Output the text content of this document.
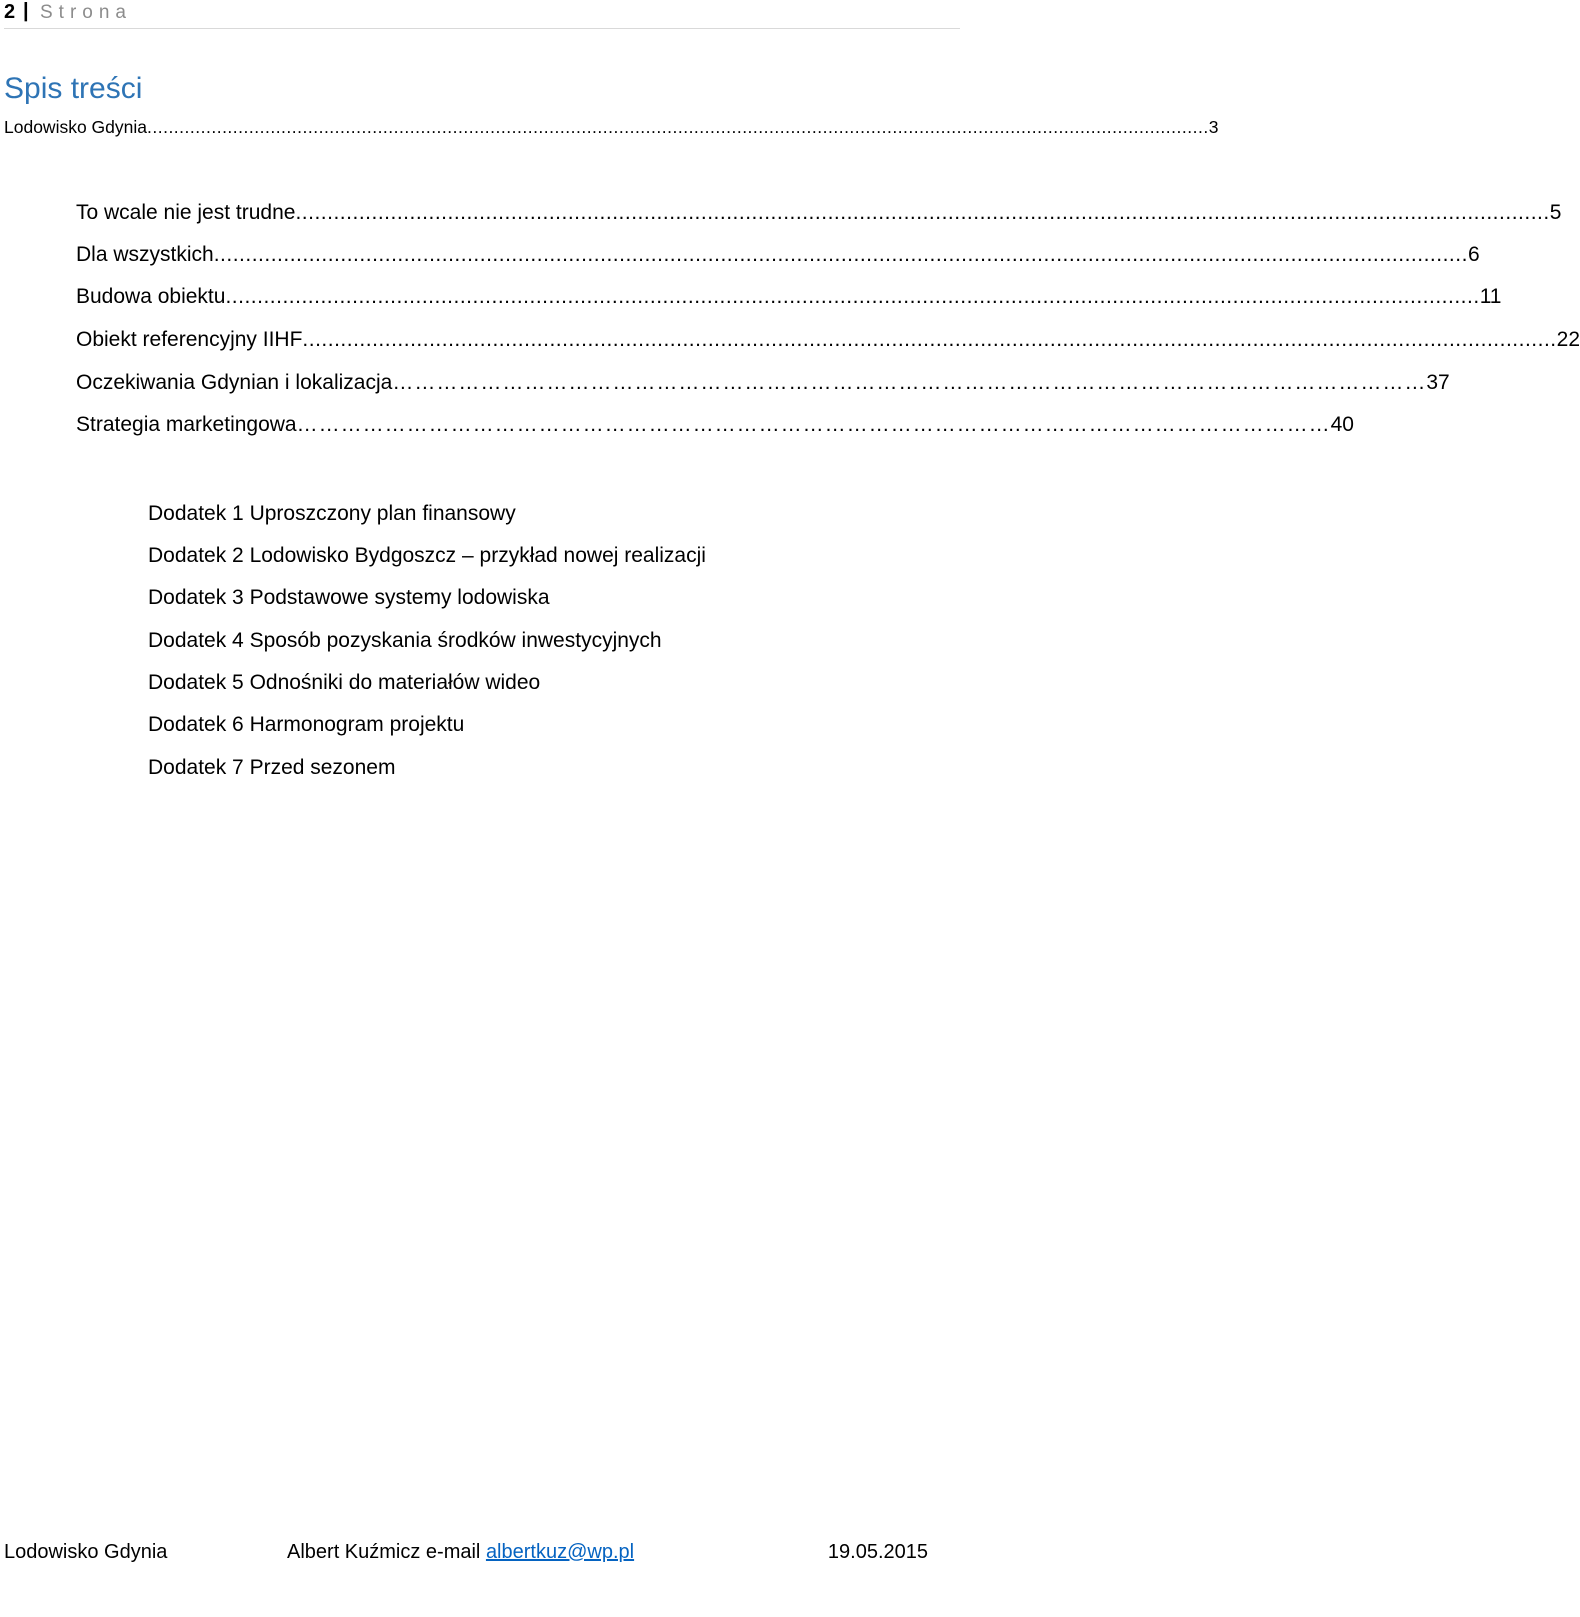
2 | Strona
Spis treści
Lodowisko Gdynia ...................................................................................................................................................................................................... 3
To wcale nie jest trudne ...................................................................................................................................................................................................... 5
Dla wszystkich ...................................................................................................................................................................................................... 6
Budowa obiektu ...................................................................................................................................................................................................... 11
Obiekt referencyjny IIHF ...................................................................................................................................................................................................... 22
Oczekiwania Gdynian i lokalizacja …………………………………………………………………………………………………………………………… 37
Strategia marketingowa …………………………………………………………………………………………………………………………… 40
Dodatek 1 Uproszczony plan finansowy
Dodatek 2 Lodowisko Bydgoszcz – przykład nowej realizacji
Dodatek 3 Podstawowe systemy lodowiska
Dodatek 4 Sposób pozyskania środków inwestycyjnych
Dodatek 5 Odnośniki do materiałów wideo
Dodatek 6 Harmonogram projektu
Dodatek 7 Przed sezonem
Lodowisko Gdynia	Albert Kuźmicz e-mail albertkuz@wp.pl	19.05.2015
